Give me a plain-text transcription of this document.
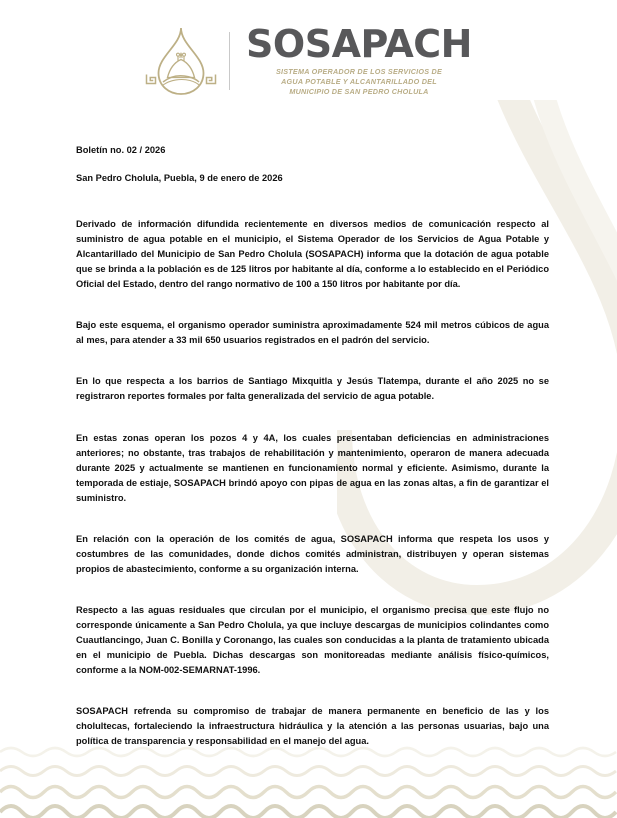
SOSAPACH
SISTEMA OPERADOR DE LOS SERVICIOS DE
AGUA POTABLE Y ALCANTARILLADO DEL
MUNICIPIO DE SAN PEDRO CHOLULA

Boletín no. 02 / 2026

San Pedro Cholula, Puebla, 9 de enero de 2026

Derivado de información difundida recientemente en diversos medios de comunicación respecto al suministro de agua potable en el municipio, el Sistema Operador de los Servicios de Agua Potable y Alcantarillado del Municipio de San Pedro Cholula (SOSAPACH) informa que la dotación de agua potable que se brinda a la población es de 125 litros por habitante al día, conforme a lo establecido en el Periódico Oficial del Estado, dentro del rango normativo de 100 a 150 litros por habitante por día.

Bajo este esquema, el organismo operador suministra aproximadamente 524 mil metros cúbicos de agua al mes, para atender a 33 mil 650 usuarios registrados en el padrón del servicio.

En lo que respecta a los barrios de Santiago Mixquitla y Jesús Tlatempa, durante el año 2025 no se registraron reportes formales por falta generalizada del servicio de agua potable.

En estas zonas operan los pozos 4 y 4A, los cuales presentaban deficiencias en administraciones anteriores; no obstante, tras trabajos de rehabilitación y mantenimiento, operaron de manera adecuada durante 2025 y actualmente se mantienen en funcionamiento normal y eficiente. Asimismo, durante la temporada de estiaje, SOSAPACH brindó apoyo con pipas de agua en las zonas altas, a fin de garantizar el suministro.

En relación con la operación de los comités de agua, SOSAPACH informa que respeta los usos y costumbres de las comunidades, donde dichos comités administran, distribuyen y operan sistemas propios de abastecimiento, conforme a su organización interna.

Respecto a las aguas residuales que circulan por el municipio, el organismo precisa que este flujo no corresponde únicamente a San Pedro Cholula, ya que incluye descargas de municipios colindantes como Cuautlancingo, Juan C. Bonilla y Coronango, las cuales son conducidas a la planta de tratamiento ubicada en el municipio de Puebla. Dichas descargas son monitoreadas mediante análisis físico-químicos, conforme a la NOM-002-SEMARNAT-1996.

SOSAPACH refrenda su compromiso de trabajar de manera permanente en beneficio de las y los cholultecas, fortaleciendo la infraestructura hidráulica y la atención a las personas usuarias, bajo una política de transparencia y responsabilidad en el manejo del agua.
